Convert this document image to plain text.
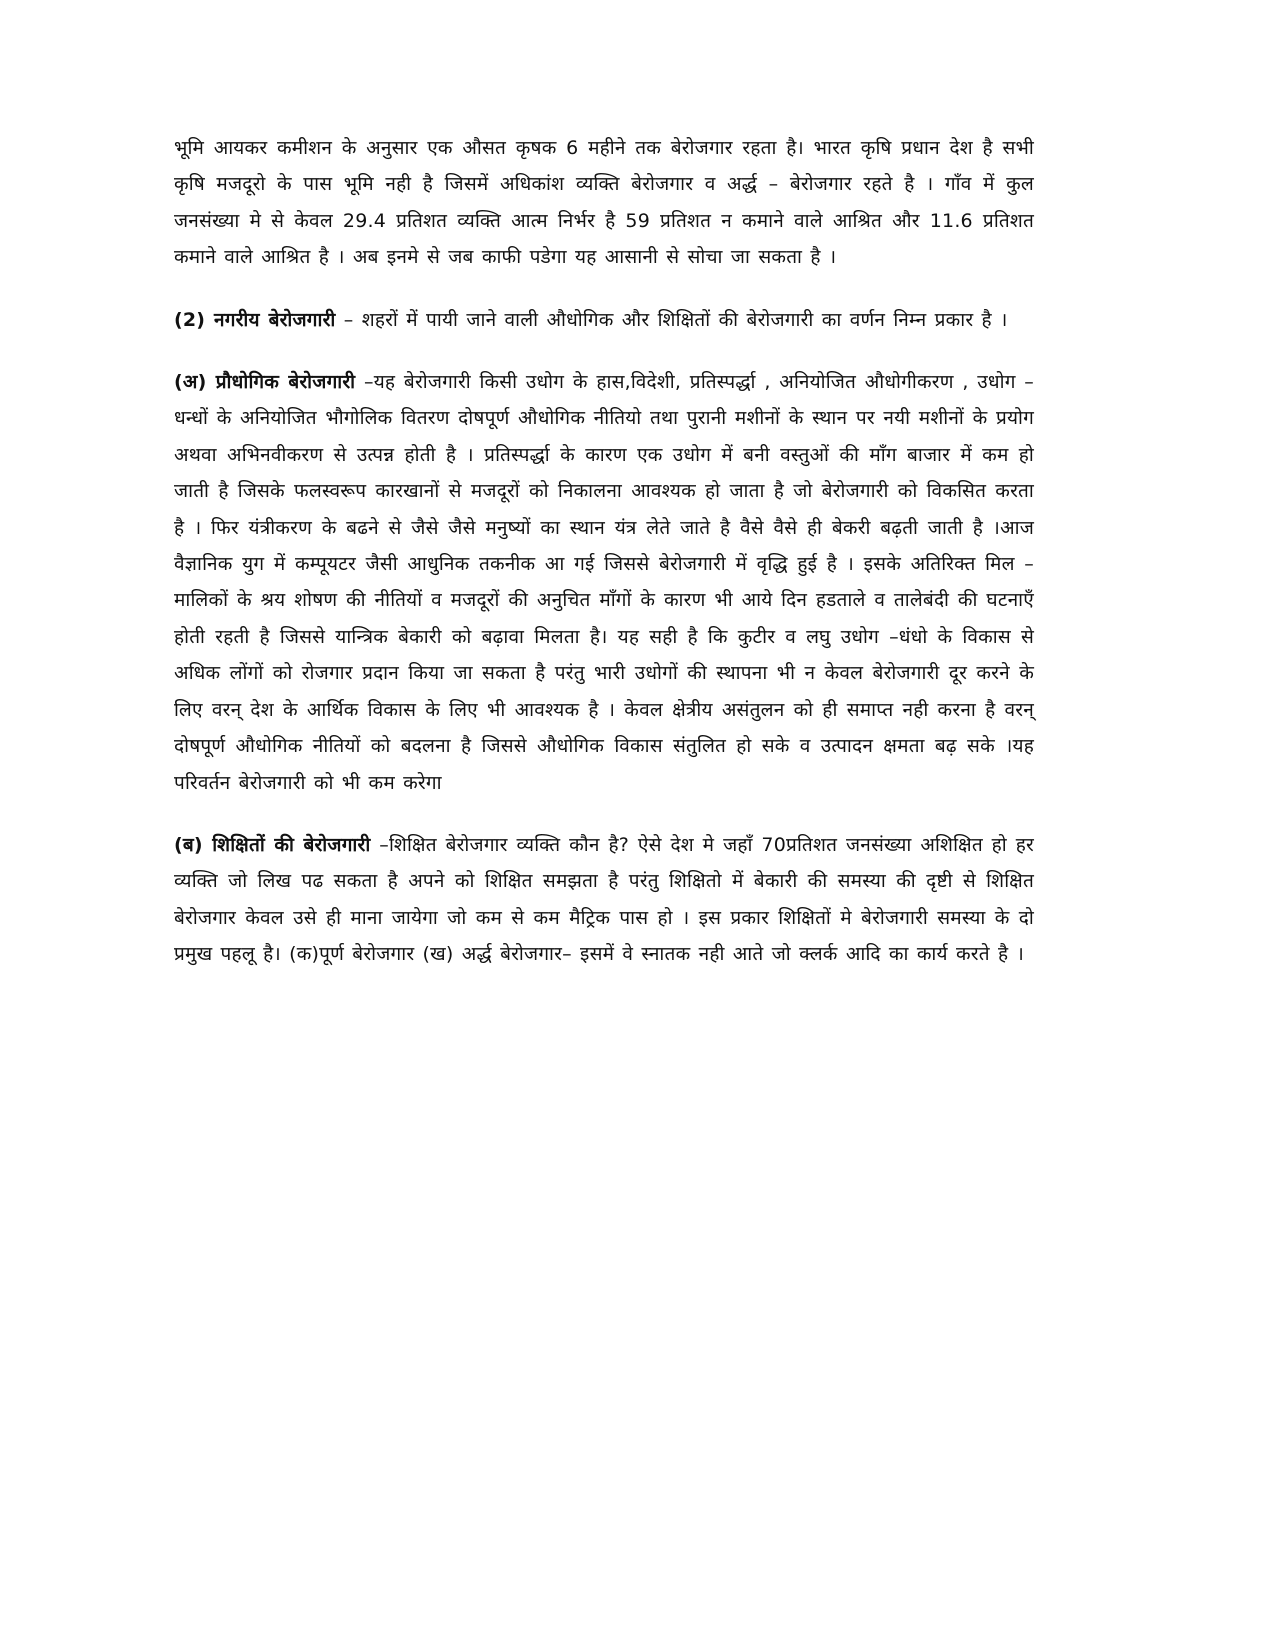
भूमि आयकर कमीशन के अनुसार एक औसत कृषक 6 महीने तक बेरोजगार रहता है। भारत कृषि प्रधान देश है सभी कृषि मजदूरो के पास भूमि नही है जिसमें अधिकांश व्यक्ति बेरोजगार व अर्द्ध – बेरोजगार रहते है । गाँव में कुल जनसंख्या मे से केवल 29.4 प्रतिशत व्यक्ति आत्म निर्भर है 59 प्रतिशत न कमाने वाले आश्रित और 11.6 प्रतिशत कमाने वाले आश्रित है । अब इनमे से जब काफी पडेगा यह आसानी से सोचा जा सकता है ।

(2) नगरीय बेरोजगारी – शहरों में पायी जाने वाली औधोगिक और शिक्षितों की बेरोजगारी का वर्णन निम्न प्रकार है ।

(अ) प्रौधोगिक बेरोजगारी –यह बेरोजगारी किसी उधोग के हास,विदेशी, प्रतिस्पर्द्धा , अनियोजित औधोगीकरण , उधोग –धन्धों के अनियोजित भौगोलिक वितरण दोषपूर्ण औधोगिक नीतियो तथा पुरानी मशीनों के स्थान पर नयी मशीनों के प्रयोग अथवा अभिनवीकरण से उत्पन्न होती है । प्रतिस्पर्द्धा के कारण एक उधोग में बनी वस्तुओं की माँग बाजार में कम हो जाती है जिसके फलस्वरूप कारखानों से मजदूरों को निकालना आवश्यक हो जाता है जो बेरोजगारी को विकसित करता है । फिर यंत्रीकरण के बढने से जैसे जैसे मनुष्यों का स्थान यंत्र लेते जाते है वैसे वैसे ही बेकरी बढ़ती जाती है ।आज वैज्ञानिक युग में कम्पूयटर जैसी आधुनिक तकनीक आ गई जिससे बेरोजगारी में वृद्धि हुई है । इसके अतिरिक्त मिल – मालिकों के श्रय शोषण की नीतियों व मजदूरों की अनुचित माँगों के कारण भी आये दिन हडताले व तालेबंदी की घटनाएँ होती रहती है जिससे यान्त्रिक बेकारी को बढ़ावा मिलता है। यह सही है कि कुटीर व लघु उधोग –धंधो के विकास से अधिक लोंगों को रोजगार प्रदान किया जा सकता है परंतु भारी उधोगों की स्थापना भी न केवल बेरोजगारी दूर करने के लिए वरन् देश के आर्थिक विकास के लिए भी आवश्यक है । केवल क्षेत्रीय असंतुलन को ही समाप्त नही करना है वरन् दोषपूर्ण औधोगिक नीतियों को बदलना है जिससे औधोगिक विकास संतुलित हो सके व उत्पादन क्षमता बढ़ सके ।यह परिवर्तन बेरोजगारी को भी कम करेगा

(ब) शिक्षितों की बेरोजगारी –शिक्षित बेरोजगार व्यक्ति कौन है? ऐसे देश मे जहाँ 70प्रतिशत जनसंख्या अशिक्षित हो हर व्यक्ति जो लिख पढ सकता है अपने को शिक्षित समझता है परंतु शिक्षितो में बेकारी की समस्या की दृष्टी से शिक्षित बेरोजगार केवल उसे ही माना जायेगा जो कम से कम मैट्रिक पास हो । इस प्रकार शिक्षितों मे बेरोजगारी समस्या के दो प्रमुख पहलू है। (क)पूर्ण बेरोजगार (ख) अर्द्ध बेरोजगार– इसमें वे स्नातक नही आते जो क्लर्क आदि का कार्य करते है ।
